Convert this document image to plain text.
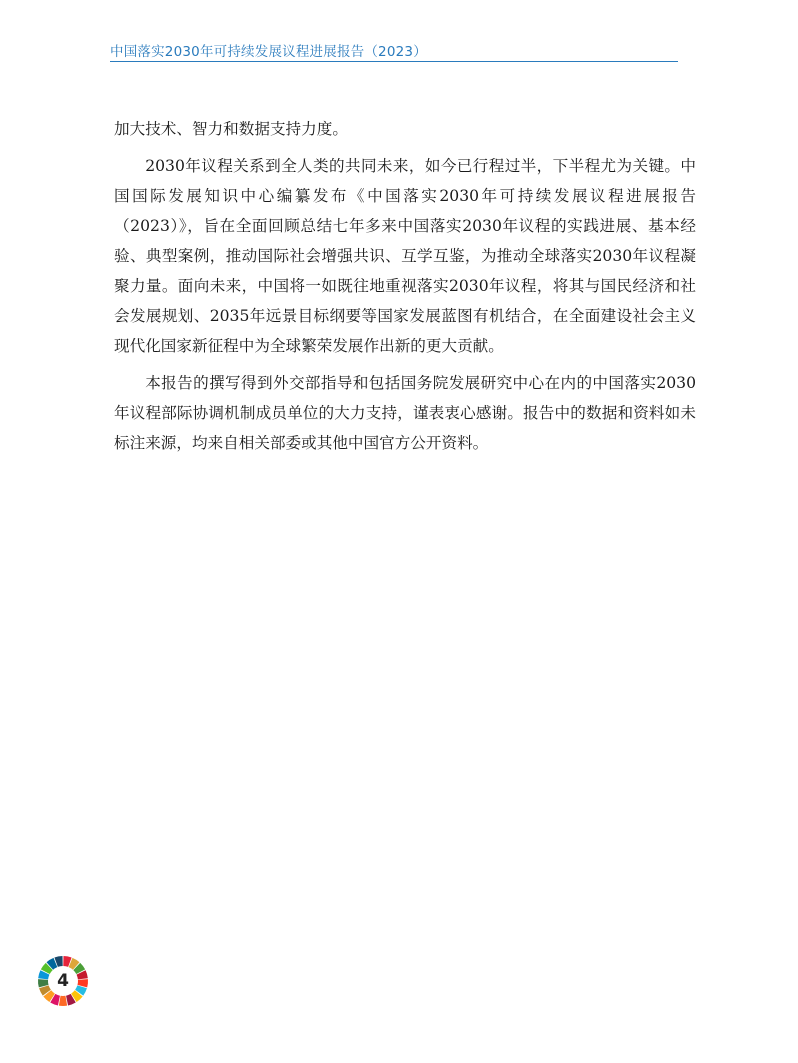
中国落实2030年可持续发展议程进展报告（2023）

加大技术、智力和数据支持力度。

2030年议程关系到全人类的共同未来，如今已行程过半，下半程尤为关键。中国国际发展知识中心编纂发布《中国落实2030年可持续发展议程进展报告（2023）》，旨在全面回顾总结七年多来中国落实2030年议程的实践进展、基本经验、典型案例，推动国际社会增强共识、互学互鉴，为推动全球落实2030年议程凝聚力量。面向未来，中国将一如既往地重视落实2030年议程，将其与国民经济和社会发展规划、2035年远景目标纲要等国家发展蓝图有机结合，在全面建设社会主义现代化国家新征程中为全球繁荣发展作出新的更大贡献。

本报告的撰写得到外交部指导和包括国务院发展研究中心在内的中国落实2030年议程部际协调机制成员单位的大力支持，谨表衷心感谢。报告中的数据和资料如未标注来源，均来自相关部委或其他中国官方公开资料。

4
